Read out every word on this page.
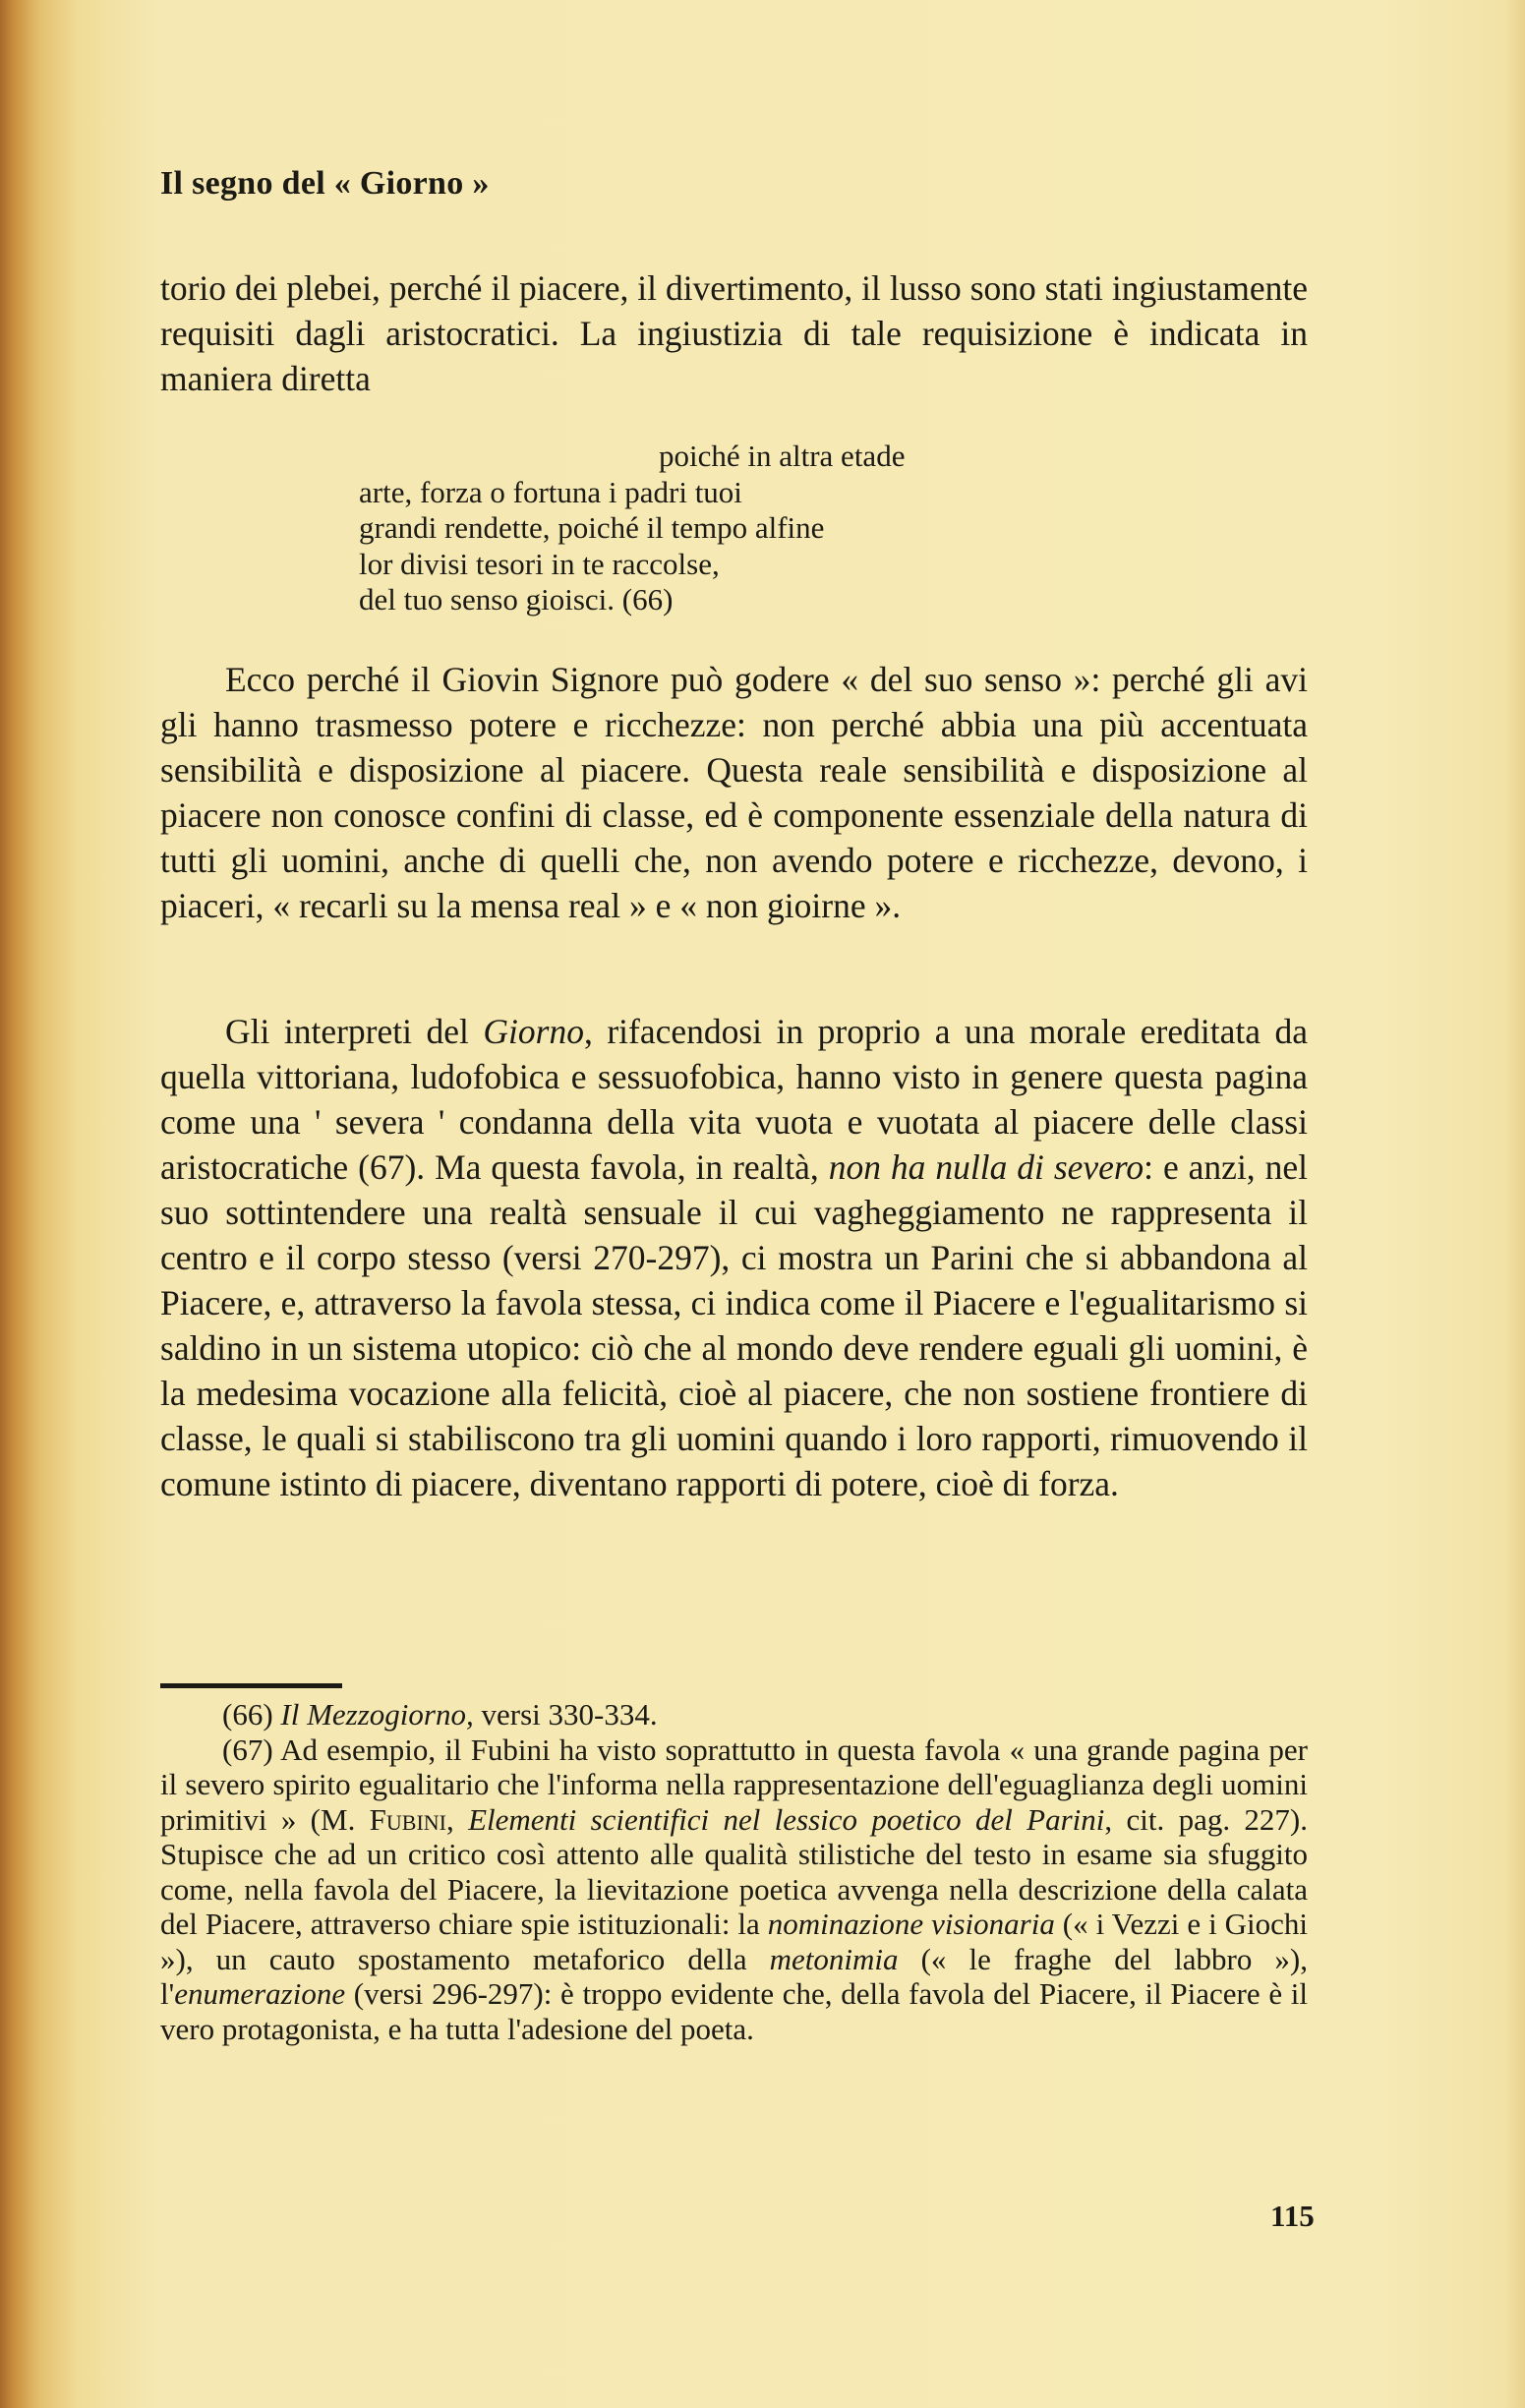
Il segno del « Giorno »

torio dei plebei, perché il piacere, il divertimento, il lusso sono stati ingiustamente requisiti dagli aristocratici. La ingiustizia di tale requisizione è indicata in maniera diretta

poiché in altra etade
arte, forza o fortuna i padri tuoi
grandi rendette, poiché il tempo alfine
lor divisi tesori in te raccolse,
del tuo senso gioisci. (66)

Ecco perché il Giovin Signore può godere « del suo senso »: perché gli avi gli hanno trasmesso potere e ricchezze: non perché abbia una più accentuata sensibilità e disposizione al piacere. Questa reale sensibilità e disposizione al piacere non conosce confini di classe, ed è componente essenziale della natura di tutti gli uomini, anche di quelli che, non avendo potere e ricchezze, devono, i piaceri, « recarli su la mensa real » e « non gioirne ».

Gli interpreti del Giorno, rifacendosi in proprio a una morale ereditata da quella vittoriana, ludofobica e sessuofobica, hanno visto in genere questa pagina come una ' severa ' condanna della vita vuota e vuotata al piacere delle classi aristocratiche (67). Ma questa favola, in realtà, non ha nulla di severo: e anzi, nel suo sottintendere una realtà sensuale il cui vagheggiamento ne rappresenta il centro e il corpo stesso (versi 270-297), ci mostra un Parini che si abbandona al Piacere, e, attraverso la favola stessa, ci indica come il Piacere e l'egualitarismo si saldino in un sistema utopico: ciò che al mondo deve rendere eguali gli uomini, è la medesima vocazione alla felicità, cioè al piacere, che non sostiene frontiere di classe, le quali si stabiliscono tra gli uomini quando i loro rapporti, rimuovendo il comune istinto di piacere, diventano rapporti di potere, cioè di forza.

(66) Il Mezzogiorno, versi 330-334.

(67) Ad esempio, il Fubini ha visto soprattutto in questa favola « una grande pagina per il severo spirito egualitario che l'informa nella rappresentazione dell'eguaglianza degli uomini primitivi » (M. Fubini, Elementi scientifici nel lessico poetico del Parini, cit. pag. 227). Stupisce che ad un critico così attento alle qualità stilistiche del testo in esame sia sfuggito come, nella favola del Piacere, la lievitazione poetica avvenga nella descrizione della calata del Piacere, attraverso chiare spie istituzionali: la nominazione visionaria (« i Vezzi e i Giochi »), un cauto spostamento metaforico della metonimia (« le fraghe del labbro »), l'enumerazione (versi 296-297): è troppo evidente che, della favola del Piacere, il Piacere è il vero protagonista, e ha tutta l'adesione del poeta.

115
